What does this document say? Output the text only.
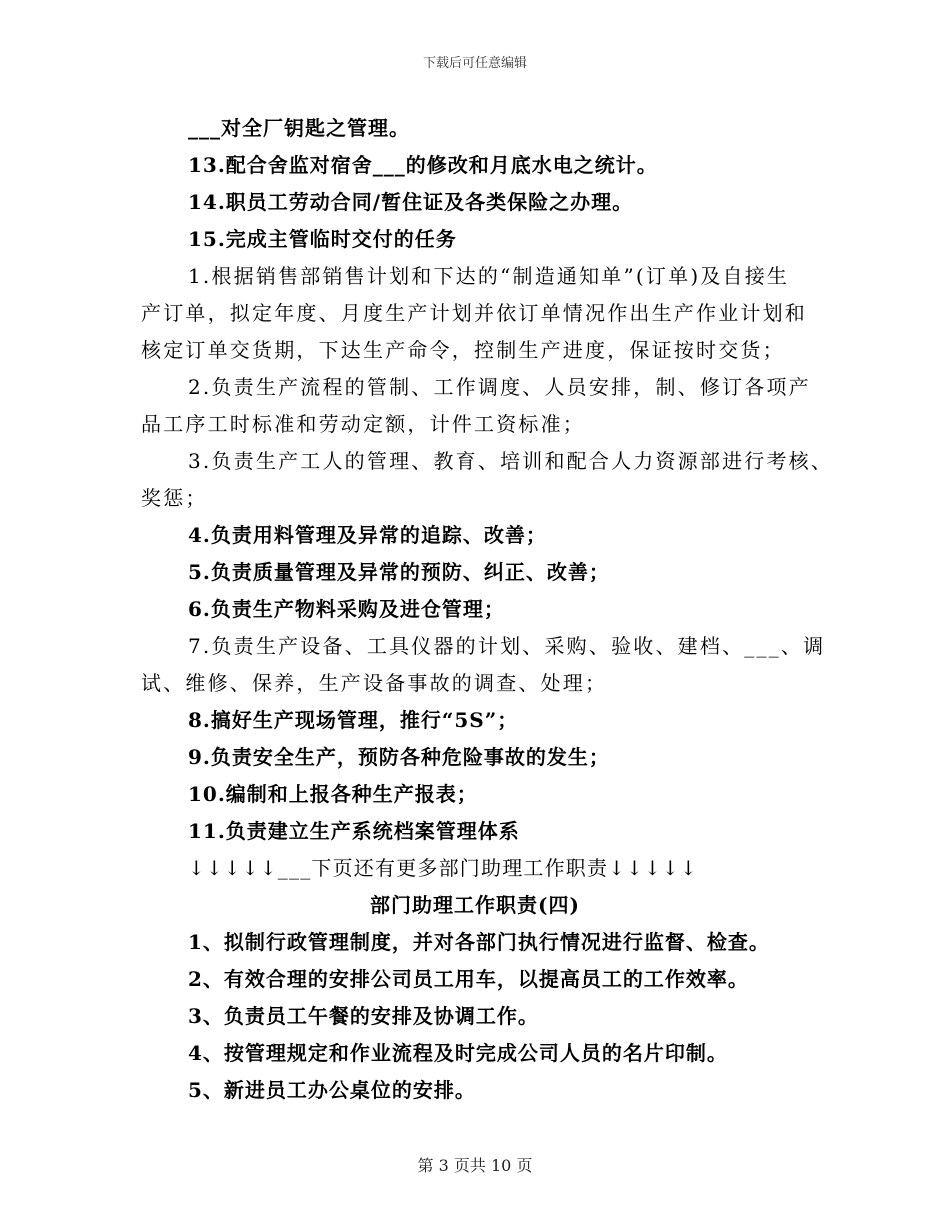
下载后可任意编辑
___对全厂钥匙之管理。
13.配合舍监对宿舍___的修改和月底水电之统计。
14.职员工劳动合同/暂住证及各类保险之办理。
15.完成主管临时交付的任务
1.根据销售部销售计划和下达的“制造通知单”(订单)及自接生
产订单，拟定年度、月度生产计划并依订单情况作出生产作业计划和
核定订单交货期，下达生产命令，控制生产进度，保证按时交货；
2.负责生产流程的管制、工作调度、人员安排，制、修订各项产
品工序工时标准和劳动定额，计件工资标准；
3.负责生产工人的管理、教育、培训和配合人力资源部进行考核、
奖惩；
4.负责用料管理及异常的追踪、改善；
5.负责质量管理及异常的预防、纠正、改善；
6.负责生产物料采购及进仓管理；
7.负责生产设备、工具仪器的计划、采购、验收、建档、___、调
试、维修、保养，生产设备事故的调查、处理；
8.搞好生产现场管理，推行“5S”；
9.负责安全生产，预防各种危险事故的发生；
10.编制和上报各种生产报表；
11.负责建立生产系统档案管理体系
↓↓↓↓↓___下页还有更多部门助理工作职责↓↓↓↓↓
部门助理工作职责(四)
1、拟制行政管理制度，并对各部门执行情况进行监督、检查。
2、有效合理的安排公司员工用车，以提高员工的工作效率。
3、负责员工午餐的安排及协调工作。
4、按管理规定和作业流程及时完成公司人员的名片印制。
5、新进员工办公桌位的安排。
第 3 页共 10 页
